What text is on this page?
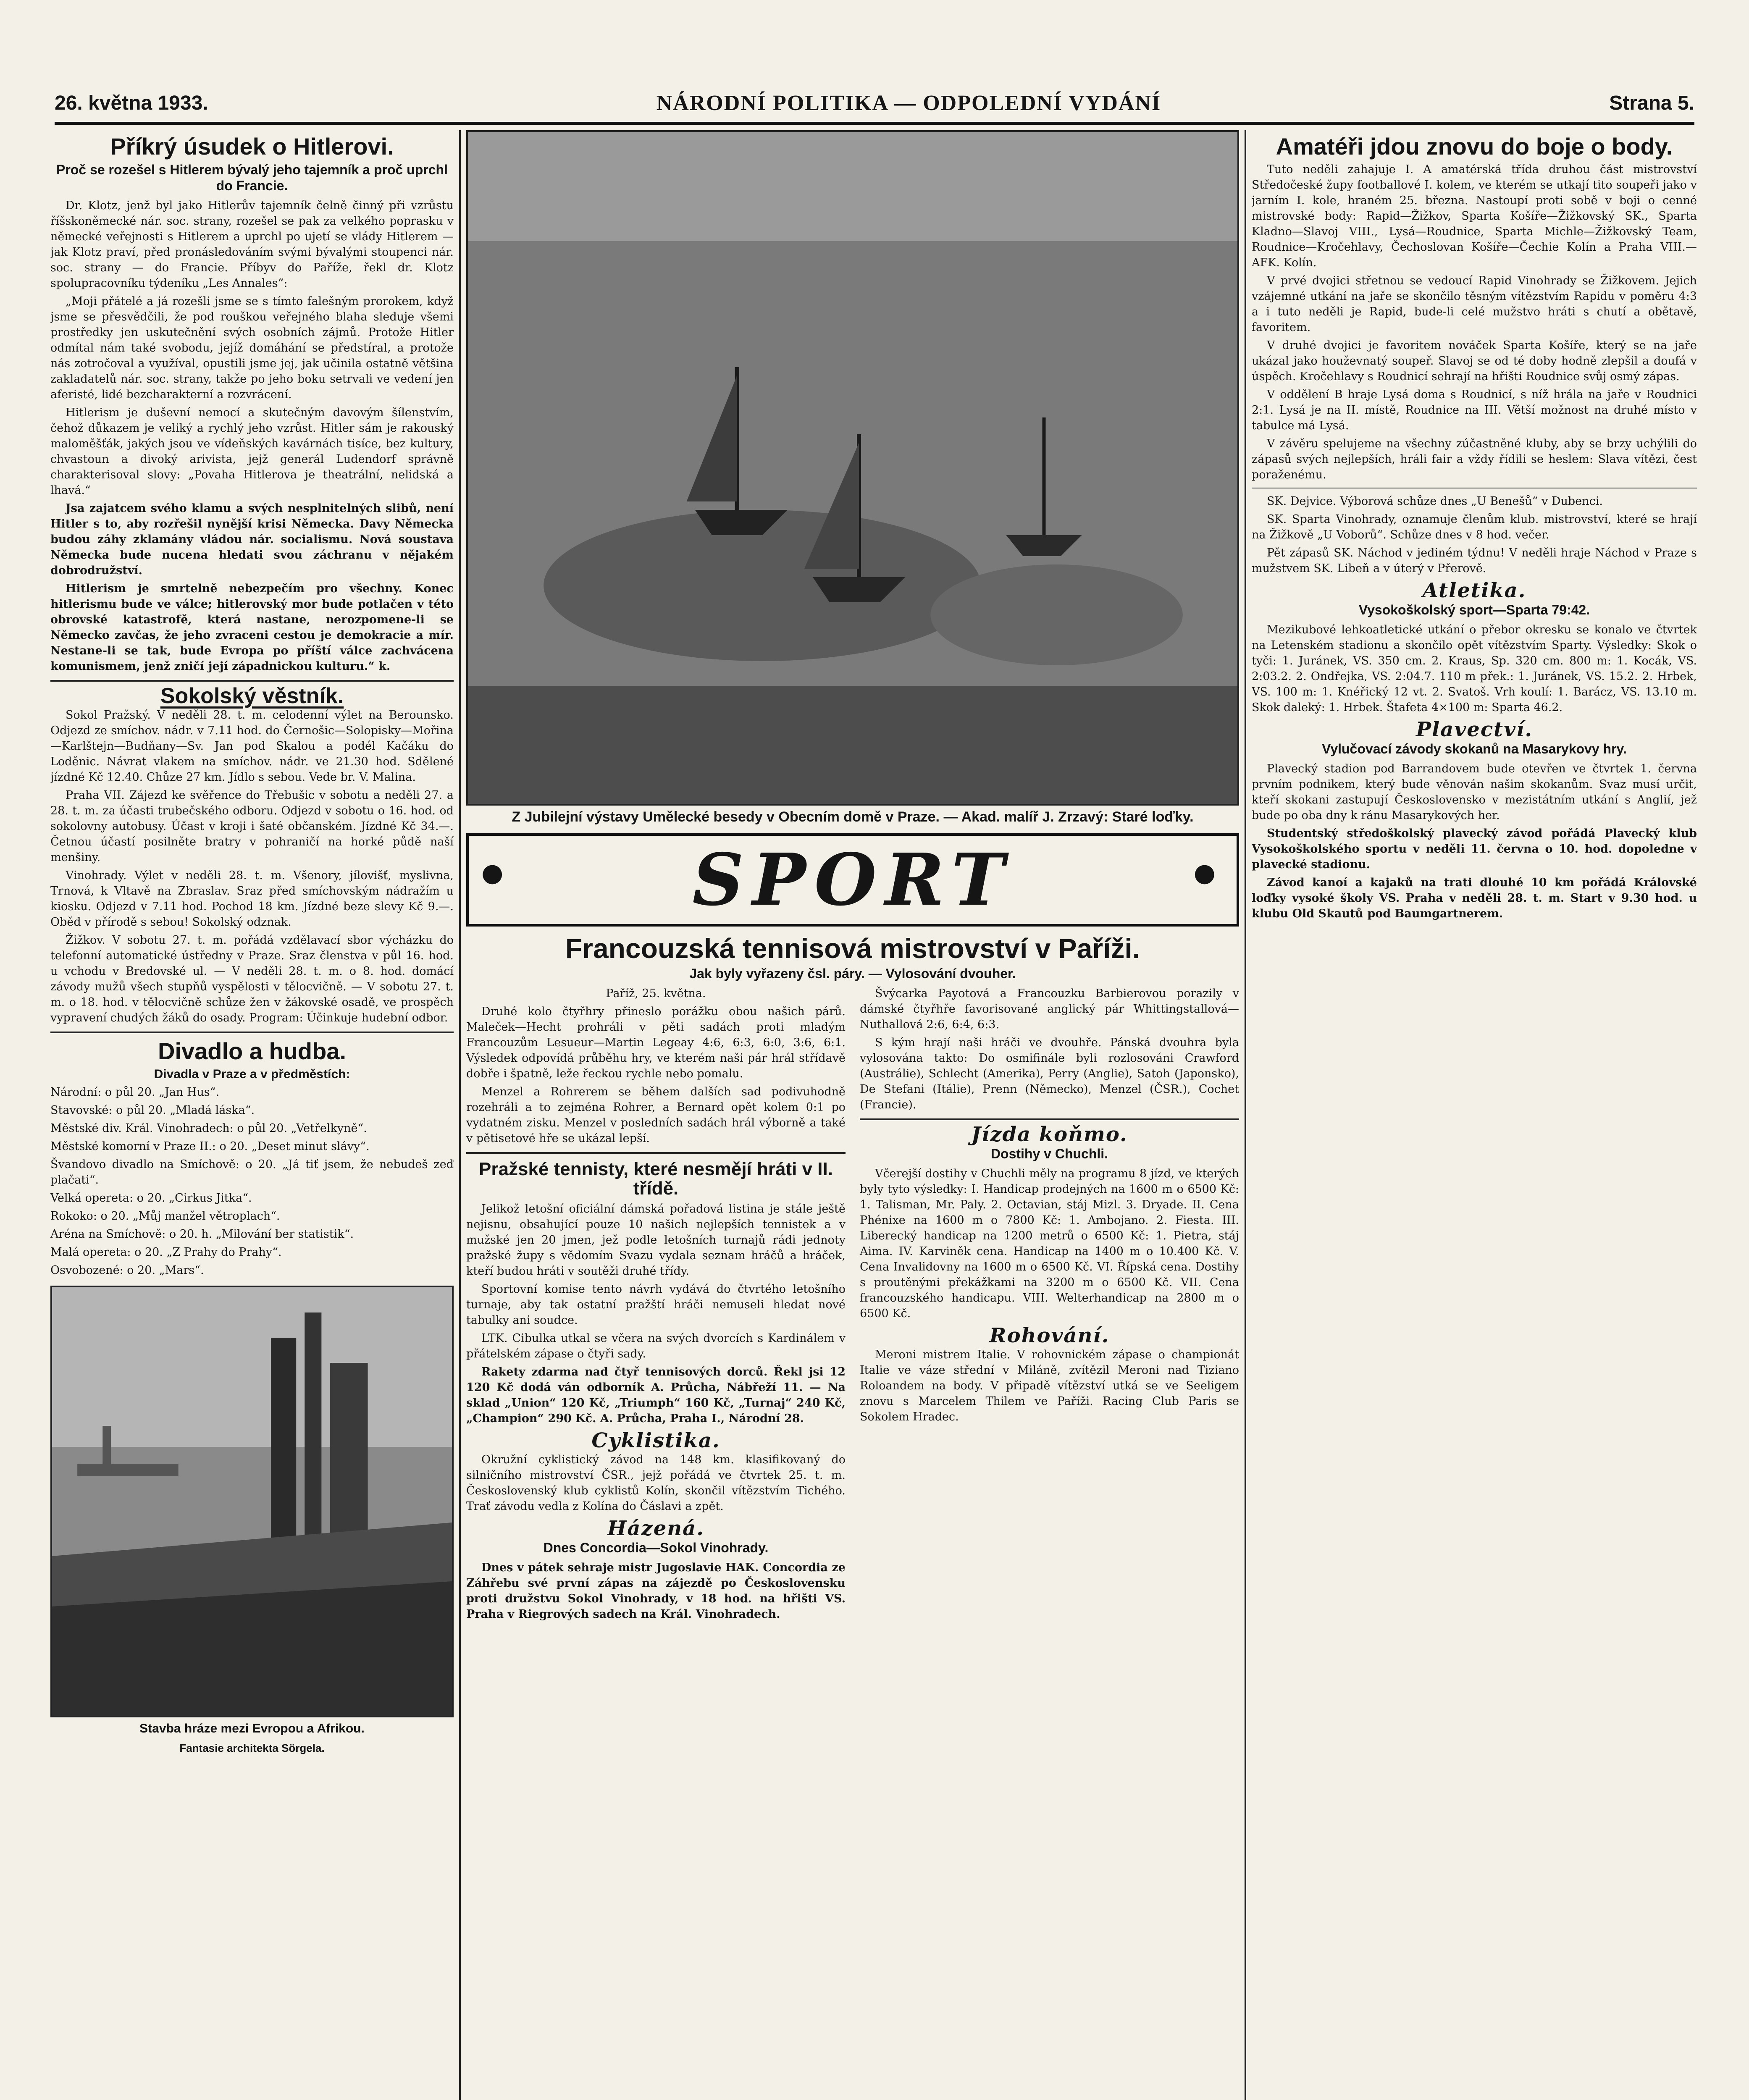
26. května 1933.	NÁRODNÍ POLITIKA — ODPOLEDNÍ VYDÁNÍ	Strana 5.
Příkrý úsudek o Hitlerovi.
Proč se rozešel s Hitlerem bývalý jeho tajemník a proč uprchl do Francie.

Dr. Klotz, jenž byl jako Hitlerův tajemník čelně činný při vzrůstu říšskoněmecké nár. soc. strany, rozešel se pak za velkého poprasku v německé veřejnosti s Hitlerem a uprchl po ujetí se vlády Hitlerem — jak Klotz praví, před pronásledováním svými bývalými stoupenci nár. soc. strany — do Francie. Příbyv do Paříže, řekl dr. Klotz spolupracovníku týdeníku „Les Annales“:

„Moji přátelé a já rozešli jsme se s tímto falešným prorokem, když jsme se přesvědčili, že pod rouškou veřejného blaha sleduje všemi prostředky jen uskutečnění svých osobních zájmů. Protože Hitler odmítal nám také svobodu, jejíž domáhání se předstíral, a protože nás zotročoval a využíval, opustili jsme jej, jak učinila ostatně většina zakladatelů nár. soc. strany, takže po jeho boku setrvali ve vedení jen aferisté, lidé bezcharakterní a rozvrácení.

Hitlerism je duševní nemocí a skutečným davovým šílenstvím, čehož důkazem je veliký a rychlý jeho vzrůst. Hitler sám je rakouský maloměšťák, jakých jsou ve vídeňských kavárnách tisíce, bez kultury, chvastoun a divoký arivista, jejž generál Ludendorf správně charakterisoval slovy: „Povaha Hitlerova je theatrální, nelidská a lhavá.“

Jsa zajatcem svého klamu a svých nesplnitelných slibů, není Hitler s to, aby rozřešil nynější krisi Německa. Davy Německa budou záhy zklamány vládou nár. socialismu. Nová soustava Německa bude nucena hledati svou záchranu v nějakém dobrodružství.

Hitlerism je smrtelně nebezpečím pro všechny. Konec hitlerismu bude ve válce; hitlerovský mor bude potlačen v této obrovské katastrofě, která nastane, nerozpomene-li se Německo zavčas, že jeho zvraceni cestou je demokracie a mír. Nestane-li se tak, bude Evropa po příští válce zachvácena komunismem, jenž zničí její západnickou kulturu.“ k.

Sokolský věstník.

Sokol Pražský. V neděli 28. t. m. celodenní výlet na Berounsko. Odjezd ze smíchov. nádr. v 7.11 hod. do Černošic—Solopisky—Mořina—Karlštejn—Budňany—Sv. Jan pod Skalou a podél Kačáku do Loděnic. Návrat vlakem na smíchov. nádr. ve 21.30 hod. Sdělené jízdné Kč 12.40. Chůze 27 km. Jídlo s sebou. Vede br. V. Malina.

Praha VII. Zájezd ke svěřence do Třebušic v sobotu a neděli 27. a 28. t. m. za účasti trubečského odboru. Odjezd v sobotu o 16. hod. od sokolovny autobusy. Účast v kroji i šaté občanském. Jízdné Kč 34.—. Četnou účastí posilněte bratry v pohraničí na horké půdě naší menšiny.

Vinohrady. Výlet v neděli 28. t. m. Všenory, jílovišť, myslivna, Trnová, k Vltavě na Zbraslav. Sraz před smíchovským nádražím u kiosku. Odjezd v 7.11 hod. Pochod 18 km. Jízdné beze slevy Kč 9.—. Oběd v přírodě s sebou! Sokolský odznak.

Žižkov. V sobotu 27. t. m. pořádá vzdělavací sbor výcházku do telefonní automatické ústředny v Praze. Sraz členstva v půl 16. hod. u vchodu v Bredovské ul. — V neděli 28. t. m. o 8. hod. domácí závody mužů všech stupňů vyspělosti v tělocvičně. — V sobotu 27. t. m. o 18. hod. v tělocvičně schůze žen v žákovské osadě, ve prospěch vypravení chudých žáků do osady. Program: Účinkuje hudební odbor.

Divadlo a hudba.
Divadla v Praze a v předměstích:

Národní: o půl 20. „Jan Hus“.

Stavovské: o půl 20. „Mladá láska“.

Městské div. Král. Vinohradech: o půl 20. „Vetřelkyně“.

Městské komorní v Praze II.: o 20. „Deset minut slávy“.

Švandovo divadlo na Smíchově: o 20. „Já tiť jsem, že nebudeš zeď plačati“.

Velká opereta: o 20. „Cirkus Jitka“.

Rokoko: o 20. „Můj manžel větroplach“.

Aréna na Smíchově: o 20. h. „Milování ber statistik“.

Malá opereta: o 20. „Z Prahy do Prahy“.

Osvobozené: o 20. „Mars“.

Stavba hráze mezi Evropou a Afrikou.
Fantasie architekta Sörgela.
Z Jubilejní výstavy Umělecké besedy v Obecním domě v Praze. — Akad. malíř J. Zrzavý: Staré loďky.
●	SPORT	●
Francouzská tennisová mistrovství v Paříži.
Jak byly vyřazeny čsl. páry. — Vylosování dvouher.

Paříž, 25. května.

Druhé kolo čtyřhry přineslo porážku obou našich párů. Maleček—Hecht prohráli v pěti sadách proti mladým Francouzům Lesueur—Martin Legeay 4:6, 6:3, 6:0, 3:6, 6:1. Výsledek odpovídá průběhu hry, ve kterém naši pár hrál střídavě dobře i špatně, leže řeckou rychle nebo pomalu.

Menzel a Rohrerem se během dalších sad podivuhodně rozehráli a to zejména Rohrer, a Bernard opět kolem 0:1 po vydatném zisku. Menzel v posledních sadách hrál výborně a také v pětisetové hře se ukázal lepší.

Pražské tennisty, které nesmějí hráti v II. třídě.

Jelikož letošní oficiální dámská pořadová listina je stále ještě nejisnu, obsahující pouze 10 našich nejlepších tennistek a v mužské jen 20 jmen, jež podle letošních turnajů rádi jednoty pražské župy s vědomím Svazu vydala seznam hráčů a hráček, kteří budou hráti v soutěži druhé třídy.

Sportovní komise tento návrh vydává do čtvrtého letošního turnaje, aby tak ostatní pražští hráči nemuseli hledat nové tabulky ani soudce.

LTK. Cibulka utkal se včera na svých dvorcích s Kardinálem v přátelském zápase o čtyři sady.

Rakety zdarma nad čtyř tennisových dorců. Řekl jsi 12 120 Kč dodá ván odborník A. Průcha, Nábřeží 11. — Na sklad „Union“ 120 Kč, „Triumph“ 160 Kč, „Turnaj“ 240 Kč, „Champion“ 290 Kč. A. Průcha, Praha I., Národní 28.

Cyklistika.

Okružní cyklistický závod na 148 km. klasifikovaný do silničního mistrovství ČSR., jejž pořádá ve čtvrtek 25. t. m. Československý klub cyklistů Kolín, skončil vítězstvím Tichého. Trať závodu vedla z Kolína do Čáslavi a zpět.

Házená.
Dnes Concordia—Sokol Vinohrady.

Dnes v pátek sehraje mistr Jugoslavie HAK. Concordia ze Záhřebu své první zápas na zájezdě po Československu proti družstvu Sokol Vinohrady, v 18 hod. na hřišti VS. Praha v Riegrových sadech na Král. Vinohradech.

Švýcarka Payotová a Francouzku Barbierovou porazily v dámské čtyřhře favorisované anglický pár Whittingstallová—Nuthallová 2:6, 6:4, 6:3.

S kým hrají naši hráči ve dvouhře. Pánská dvouhra byla vylosována takto: Do osmifinále byli rozlosováni Crawford (Austrálie), Schlecht (Amerika), Perry (Anglie), Satoh (Japonsko), De Stefani (Itálie), Prenn (Německo), Menzel (ČSR.), Cochet (Francie).

Jízda koňmo.
Dostihy v Chuchli.

Včerejší dostihy v Chuchli měly na programu 8 jízd, ve kterých byly tyto výsledky: I. Handicap prodejných na 1600 m o 6500 Kč: 1. Talisman, Mr. Paly. 2. Octavian, stáj Mizl. 3. Dryade. II. Cena Phénixe na 1600 m o 7800 Kč: 1. Ambojano. 2. Fiesta. III. Liberecký handicap na 1200 metrů o 6500 Kč: 1. Pietra, stáj Aima. IV. Karviněk cena. Handicap na 1400 m o 10.400 Kč. V. Cena Invalidovny na 1600 m o 6500 Kč. VI. Řípská cena. Dostihy s proutěnými překážkami na 3200 m o 6500 Kč. VII. Cena francouzského handicapu. VIII. Welterhandicap na 2800 m o 6500 Kč.

Rohování.

Meroni mistrem Italie. V rohovnickém zápase o championát Italie ve váze střední v Miláně, zvítězil Meroni nad Tiziano Roloandem na body. V připadě vítězství utká se ve Seeligem znovu s Marcelem Thilem ve Paříži. Racing Club Paris se Sokolem Hradec.

Amatéři jdou znovu do boje o body.

Tuto neděli zahajuje I. A amatérská třída druhou část mistrovství Středočeské župy footballové I. kolem, ve kterém se utkají tito soupeři jako v jarním I. kole, hraném 25. března. Nastoupí proti sobě v boji o cenné mistrovské body: Rapid—Žižkov, Sparta Košíře—Žižkovský SK., Sparta Kladno—Slavoj VIII., Lysá—Roudnice, Sparta Michle—Žižkovský Team, Roudnice—Kročehlavy, Čechoslovan Košíře—Čechie Kolín a Praha VIII.—AFK. Kolín.

V prvé dvojici střetnou se vedoucí Rapid Vinohrady se Žižkovem. Jejich vzájemné utkání na jaře se skončilo těsným vítězstvím Rapidu v poměru 4:3 a i tuto neděli je Rapid, bude-li celé mužstvo hráti s chutí a obětavě, favoritem.

V druhé dvojici je favoritem nováček Sparta Košíře, který se na jaře ukázal jako houževnatý soupeř. Slavoj se od té doby hodně zlepšil a doufá v úspěch. Kročehlavy s Roudnicí sehrají na hřišti Roudnice svůj osmý zápas.

V oddělení B hraje Lysá doma s Roudnicí, s níž hrála na jaře v Roudnici 2:1. Lysá je na II. místě, Roudnice na III. Větší možnost na druhé místo v tabulce má Lysá.

V závěru spelujeme na všechny zúčastněné kluby, aby se brzy uchýlili do zápasů svých nejlepších, hráli fair a vždy řídili se heslem: Slava vítězi, čest poraženému.

SK. Dejvice. Výborová schůze dnes „U Benešů“ v Dubenci.

SK. Sparta Vinohrady, oznamuje členům klub. mistrovství, které se hrají na Žižkově „U Voborů“. Schůze dnes v 8 hod. večer.

Pět zápasů SK. Náchod v jediném týdnu! V neděli hraje Náchod v Praze s mužstvem SK. Libeň a v úterý v Přerově.

Atletika.
Vysokoškolský sport—Sparta 79:42.

Mezikubové lehkoatletické utkání o přebor okresku se konalo ve čtvrtek na Letenském stadionu a skončilo opět vítězstvím Sparty. Výsledky: Skok o tyči: 1. Juránek, VS. 350 cm. 2. Kraus, Sp. 320 cm. 800 m: 1. Kocák, VS. 2:03.2. 2. Ondřejka, VS. 2:04.7. 110 m přek.: 1. Juránek, VS. 15.2. 2. Hrbek, VS. 100 m: 1. Knéřický 12 vt. 2. Svatoš. Vrh koulí: 1. Barácz, VS. 13.10 m. Skok daleký: 1. Hrbek. Štafeta 4×100 m: Sparta 46.2.

Plavectví.
Vylučovací závody skokanů na Masarykovy hry.

Plavecký stadion pod Barrandovem bude otevřen ve čtvrtek 1. června prvním podnikem, který bude věnován našim skokanům. Svaz musí určit, kteří skokani zastupují Československo v mezistátním utkání s Anglií, jež bude po oba dny k ránu Masarykových her.

Studentský středoškolský plavecký závod pořádá Plavecký klub Vysokoškolského sportu v neděli 11. června o 10. hod. dopoledne v plavecké stadionu.

Závod kanoí a kajaků na trati dlouhé 10 km pořádá Královské loďky vysoké školy VS. Praha v neděli 28. t. m. Start v 9.30 hod. u klubu Old Skautů pod Baumgartnerem.
